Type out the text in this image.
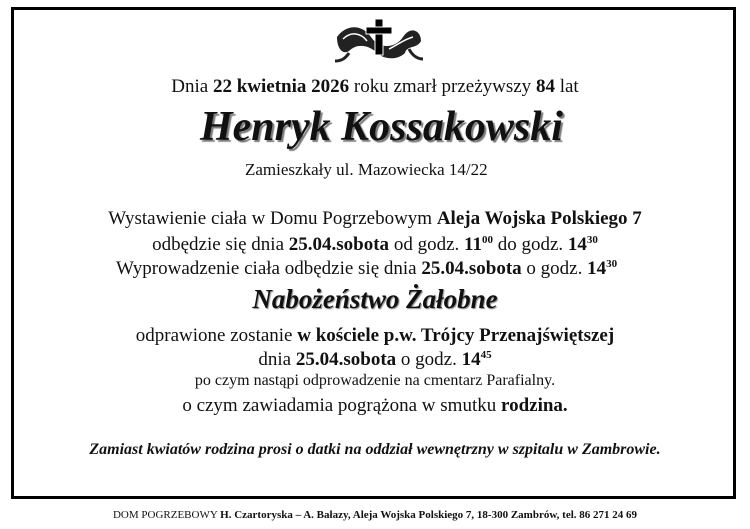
Dnia 22 kwietnia 2026 roku zmarł przeżywszy 84 lat
Henryk Kossakowski
Zamieszkały ul. Mazowiecka 14/22
Wystawienie ciała w Domu Pogrzebowym Aleja Wojska Polskiego 7
odbędzie się dnia 25.04.sobota od godz. $11^{00}$ do godz. $14^{30}$
Wyprowadzenie ciała odbędzie się dnia 25.04.sobota o godz. $14^{30}$
Nabożeństwo Żałobne
odprawione zostanie w kościele p.w. Trójcy Przenajświętszej
dnia 25.04.sobota o godz. $14^{45}$
po czym nastąpi odprowadzenie na cmentarz Parafialny.
o czym zawiadamia pogrążona w smutku rodzina.
Zamiast kwiatów rodzina prosi o datki na oddział wewnętrzny w szpitalu w Zambrowie.
DOM POGRZEBOWY H. Czartoryska – A. Bałazy, Aleja Wojska Polskiego 7, 18-300 Zambrów, tel. 86 271 24 69
